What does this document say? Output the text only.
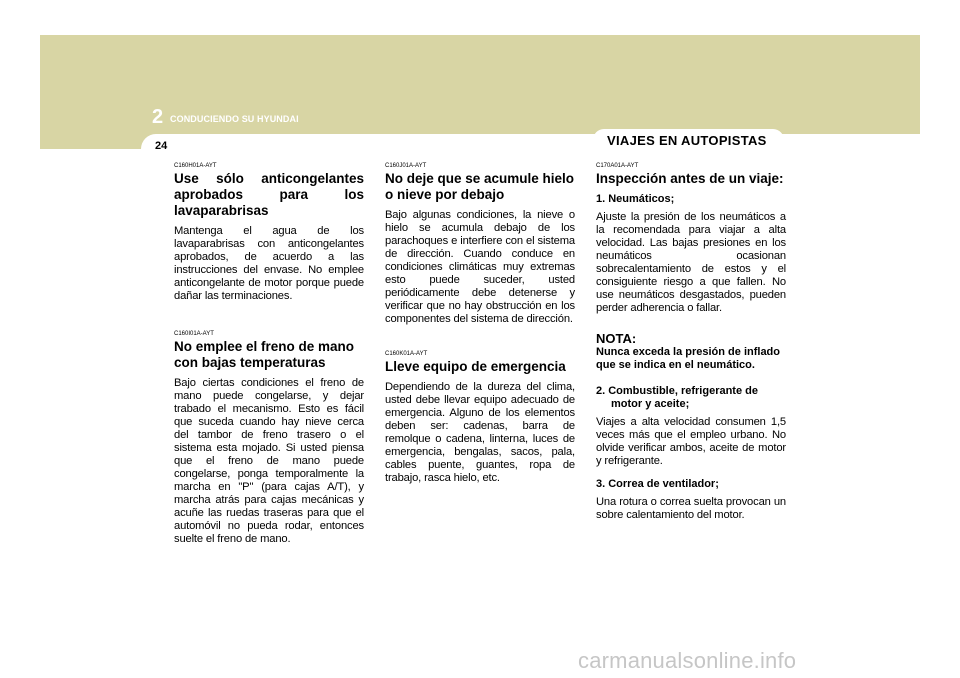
2 CONDUCIENDO SU HYUNDAI
24	VIAJES EN AUTOPISTAS

C160H01A-AYT

Use sólo anticongelantes aprobados para los lavaparabrisas

Mantenga el agua de los lavaparabrisas con anticongelantes aprobados, de acuerdo a las instrucciones del envase. No emplee anticongelante de motor porque puede dañar las terminaciones.

C160I01A-AYT

No emplee el freno de mano con bajas temperaturas

Bajo ciertas condiciones el freno de mano puede congelarse, y dejar trabado el mecanismo. Esto es fácil que suceda cuando hay nieve cerca del tambor de freno trasero o el sistema esta mojado. Si usted piensa que el freno de mano puede congelarse, ponga temporalmente la marcha en "P" (para cajas A/T), y marcha atrás para cajas mecánicas y acuñe las ruedas traseras para que el automóvil no pueda rodar, entonces suelte el freno de mano.

C160J01A-AYT

No deje que se acumule hielo o nieve por debajo

Bajo algunas condiciones, la nieve o hielo se acumula debajo de los parachoques e interfiere con el sistema de dirección. Cuando conduce en condiciones climáticas muy extremas esto puede suceder, usted periódicamente debe detenerse y verificar que no hay obstrucción en los componentes del sistema de dirección.

C160K01A-AYT

Lleve equipo de emergencia

Dependiendo de la dureza del clima, usted debe llevar equipo adecuado de emergencia. Alguno de los elementos deben ser: cadenas, barra de remolque o cadena, linterna, luces de emergencia, bengalas, sacos, pala, cables puente, guantes, ropa de trabajo, rasca hielo, etc.

C170A01A-AYT

Inspección antes de un viaje:

1. Neumáticos;

Ajuste la presión de los neumáticos a la recomendada para viajar a alta velocidad. Las bajas presiones en los neumáticos ocasionan sobrecalentamiento de estos y el consiguiente riesgo a que fallen. No use neumáticos desgastados, pueden perder adherencia o fallar.

NOTA:

Nunca exceda la presión de inflado que se indica en el neumático.

2. Combustible, refrigerante de motor y aceite;

Viajes a alta velocidad consumen 1,5 veces más que el empleo urbano. No olvide verificar ambos, aceite de motor y refrigerante.

3. Correa de ventilador;

Una rotura o correa suelta provocan un sobre calentamiento del motor.

carmanualsonline.info
